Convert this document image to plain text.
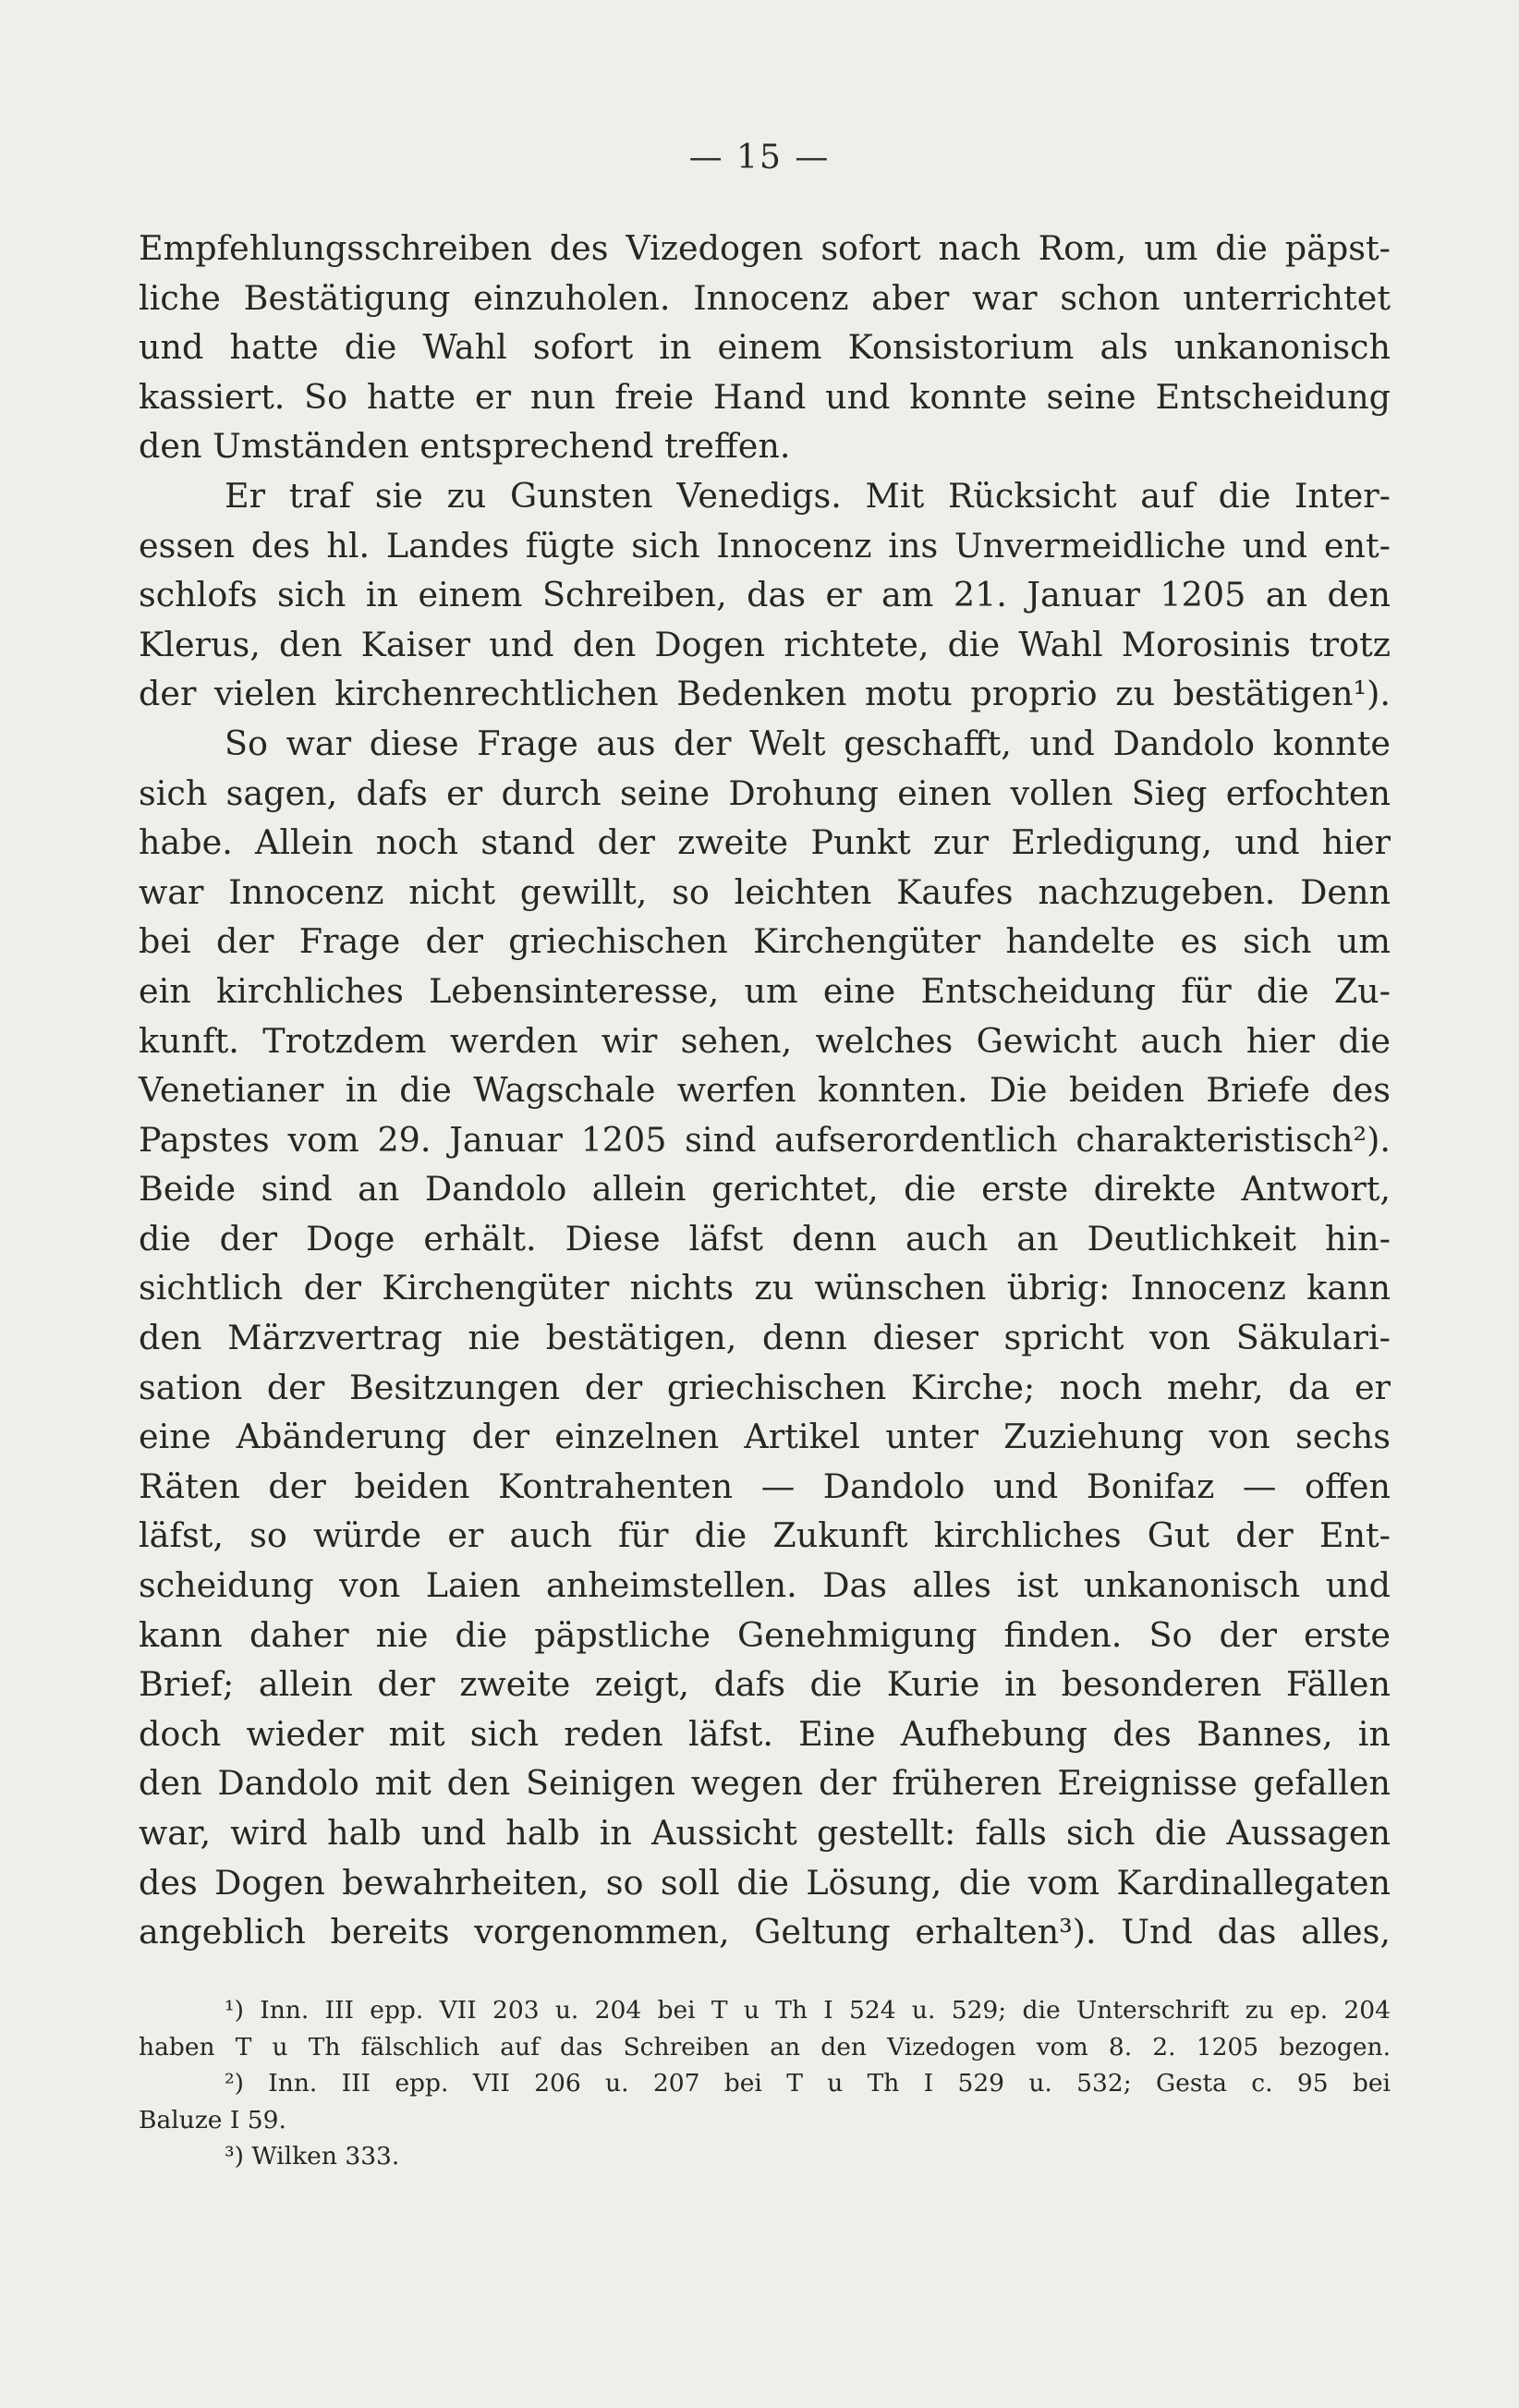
— 15 —
Empfehlungsschreiben des Vizedogen sofort nach Rom, um die päpst-
liche Bestätigung einzuholen. Innocenz aber war schon unterrichtet
und hatte die Wahl sofort in einem Konsistorium als unkanonisch
kassiert. So hatte er nun freie Hand und konnte seine Entscheidung
den Umständen entsprechend treffen.
Er traf sie zu Gunsten Venedigs. Mit Rücksicht auf die Inter-
essen des hl. Landes fügte sich Innocenz ins Unvermeidliche und ent-
schlofs sich in einem Schreiben, das er am 21. Januar 1205 an den
Klerus, den Kaiser und den Dogen richtete, die Wahl Morosinis trotz
der vielen kirchenrechtlichen Bedenken motu proprio zu bestätigen¹).
So war diese Frage aus der Welt geschafft, und Dandolo konnte
sich sagen, dafs er durch seine Drohung einen vollen Sieg erfochten
habe. Allein noch stand der zweite Punkt zur Erledigung, und hier
war Innocenz nicht gewillt, so leichten Kaufes nachzugeben. Denn
bei der Frage der griechischen Kirchengüter handelte es sich um
ein kirchliches Lebensinteresse, um eine Entscheidung für die Zu-
kunft. Trotzdem werden wir sehen, welches Gewicht auch hier die
Venetianer in die Wagschale werfen konnten. Die beiden Briefe des
Papstes vom 29. Januar 1205 sind aufserordentlich charakteristisch²).
Beide sind an Dandolo allein gerichtet, die erste direkte Antwort,
die der Doge erhält. Diese läfst denn auch an Deutlichkeit hin-
sichtlich der Kirchengüter nichts zu wünschen übrig: Innocenz kann
den Märzvertrag nie bestätigen, denn dieser spricht von Säkulari-
sation der Besitzungen der griechischen Kirche; noch mehr, da er
eine Abänderung der einzelnen Artikel unter Zuziehung von sechs
Räten der beiden Kontrahenten — Dandolo und Bonifaz — offen
läfst, so würde er auch für die Zukunft kirchliches Gut der Ent-
scheidung von Laien anheimstellen. Das alles ist unkanonisch und
kann daher nie die päpstliche Genehmigung finden. So der erste
Brief; allein der zweite zeigt, dafs die Kurie in besonderen Fällen
doch wieder mit sich reden läfst. Eine Aufhebung des Bannes, in
den Dandolo mit den Seinigen wegen der früheren Ereignisse gefallen
war, wird halb und halb in Aussicht gestellt: falls sich die Aussagen
des Dogen bewahrheiten, so soll die Lösung, die vom Kardinallegaten
angeblich bereits vorgenommen, Geltung erhalten³). Und das alles,
¹) Inn. III epp. VII 203 u. 204 bei T u Th I 524 u. 529; die Unterschrift zu ep. 204
haben T u Th fälschlich auf das Schreiben an den Vizedogen vom 8. 2. 1205 bezogen.
²) Inn. III epp. VII 206 u. 207 bei T u Th I 529 u. 532; Gesta c. 95 bei
Baluze I 59.
³) Wilken 333.
